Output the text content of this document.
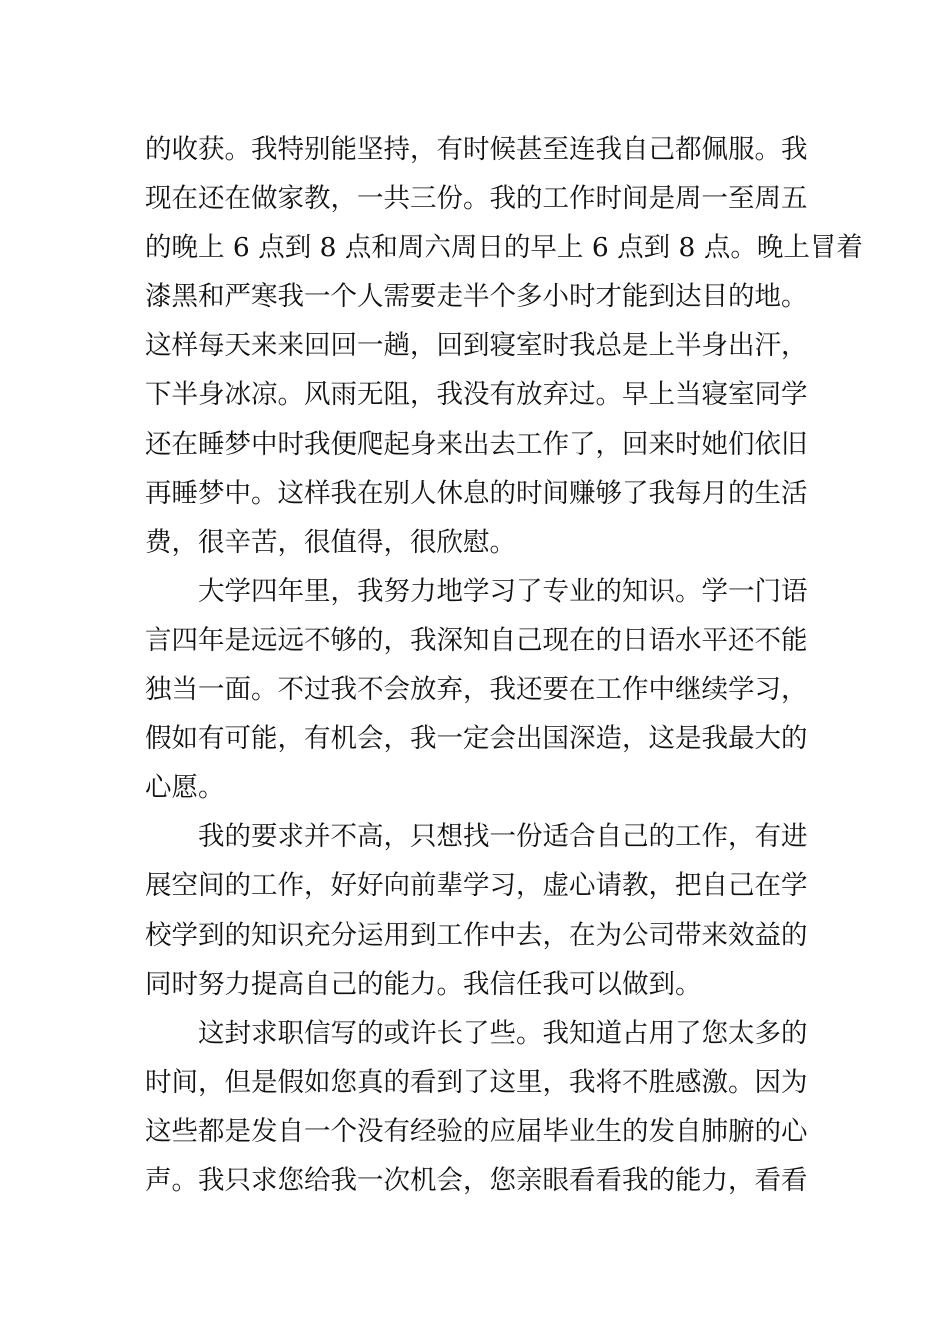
的收获。我特别能坚持，有时候甚至连我自己都佩服。我
现在还在做家教，一共三份。我的工作时间是周一至周五
的晚上 6 点到 8 点和周六周日的早上 6 点到 8 点。晚上冒着
漆黑和严寒我一个人需要走半个多小时才能到达目的地。
这样每天来来回回一趟，回到寝室时我总是上半身出汗，
下半身冰凉。风雨无阻，我没有放弃过。早上当寝室同学
还在睡梦中时我便爬起身来出去工作了，回来时她们依旧
再睡梦中。这样我在别人休息的时间赚够了我每月的生活
费，很辛苦，很值得，很欣慰。
大学四年里，我努力地学习了专业的知识。学一门语
言四年是远远不够的，我深知自己现在的日语水平还不能
独当一面。不过我不会放弃，我还要在工作中继续学习，
假如有可能，有机会，我一定会出国深造，这是我最大的
心愿。
我的要求并不高，只想找一份适合自己的工作，有进
展空间的工作，好好向前辈学习，虚心请教，把自己在学
校学到的知识充分运用到工作中去，在为公司带来效益的
同时努力提高自己的能力。我信任我可以做到。
这封求职信写的或许长了些。我知道占用了您太多的
时间，但是假如您真的看到了这里，我将不胜感激。因为
这些都是发自一个没有经验的应届毕业生的发自肺腑的心
声。我只求您给我一次机会，您亲眼看看我的能力，看看
